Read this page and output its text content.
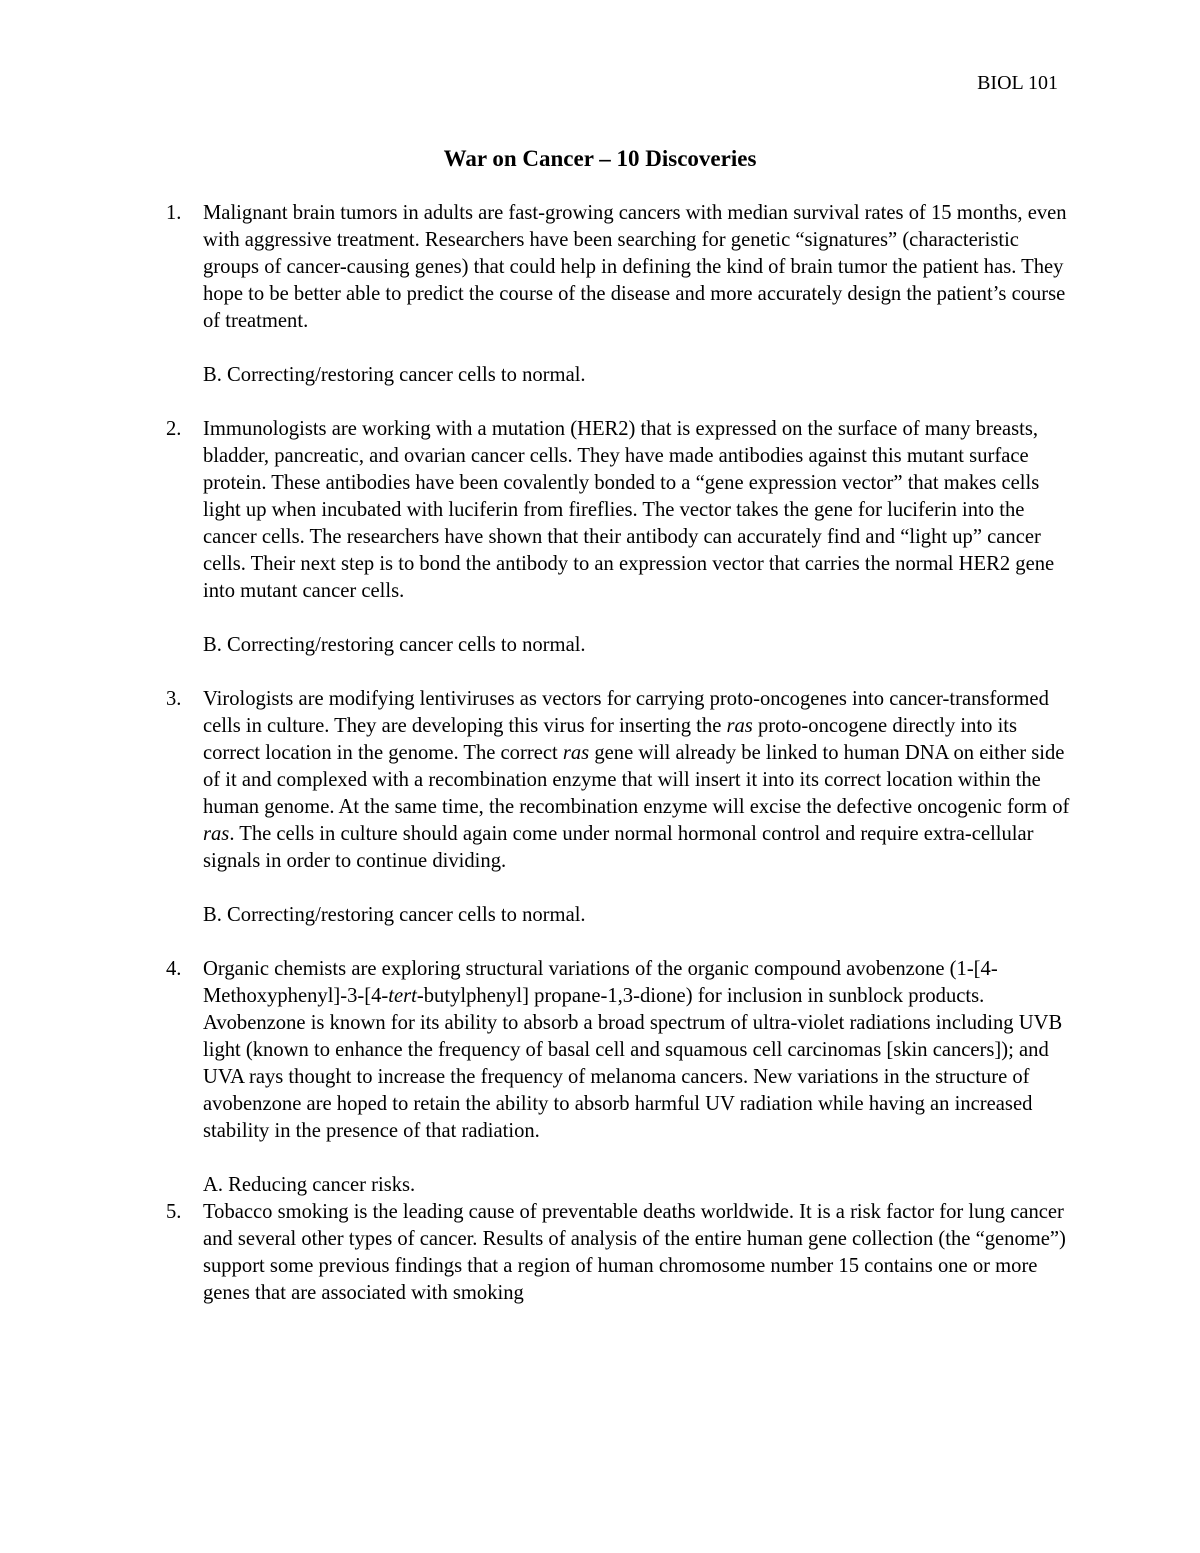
BIOL 101
War on Cancer – 10 Discoveries
1. Malignant brain tumors in adults are fast-growing cancers with median survival rates of 15 months, even with aggressive treatment. Researchers have been searching for genetic “signatures” (characteristic groups of cancer-causing genes) that could help in defining the kind of brain tumor the patient has. They hope to be better able to predict the course of the disease and more accurately design the patient’s course of treatment.

B. Correcting/restoring cancer cells to normal.

2. Immunologists are working with a mutation (HER2) that is expressed on the surface of many breasts, bladder, pancreatic, and ovarian cancer cells. They have made antibodies against this mutant surface protein. These antibodies have been covalently bonded to a “gene expression vector” that makes cells light up when incubated with luciferin from fireflies. The vector takes the gene for luciferin into the cancer cells. The researchers have shown that their antibody can accurately find and “light up” cancer cells. Their next step is to bond the antibody to an expression vector that carries the normal HER2 gene into mutant cancer cells.

B. Correcting/restoring cancer cells to normal.

3. Virologists are modifying lentiviruses as vectors for carrying proto-oncogenes into cancer-transformed cells in culture. They are developing this virus for inserting the ras proto-oncogene directly into its correct location in the genome. The correct ras gene will already be linked to human DNA on either side of it and complexed with a recombination enzyme that will insert it into its correct location within the human genome. At the same time, the recombination enzyme will excise the defective oncogenic form of ras. The cells in culture should again come under normal hormonal control and require extra-cellular signals in order to continue dividing.

B. Correcting/restoring cancer cells to normal.

4. Organic chemists are exploring structural variations of the organic compound avobenzone (1-[4-Methoxyphenyl]-3-[4-tert-butylphenyl] propane-1,3-dione) for inclusion in sunblock products. Avobenzone is known for its ability to absorb a broad spectrum of ultra-violet radiations including UVB light (known to enhance the frequency of basal cell and squamous cell carcinomas [skin cancers]); and UVA rays thought to increase the frequency of melanoma cancers. New variations in the structure of avobenzone are hoped to retain the ability to absorb harmful UV radiation while having an increased stability in the presence of that radiation.

A. Reducing cancer risks.

5. Tobacco smoking is the leading cause of preventable deaths worldwide. It is a risk factor for lung cancer and several other types of cancer. Results of analysis of the entire human gene collection (the “genome”) support some previous findings that a region of human chromosome number 15 contains one or more genes that are associated with smoking
